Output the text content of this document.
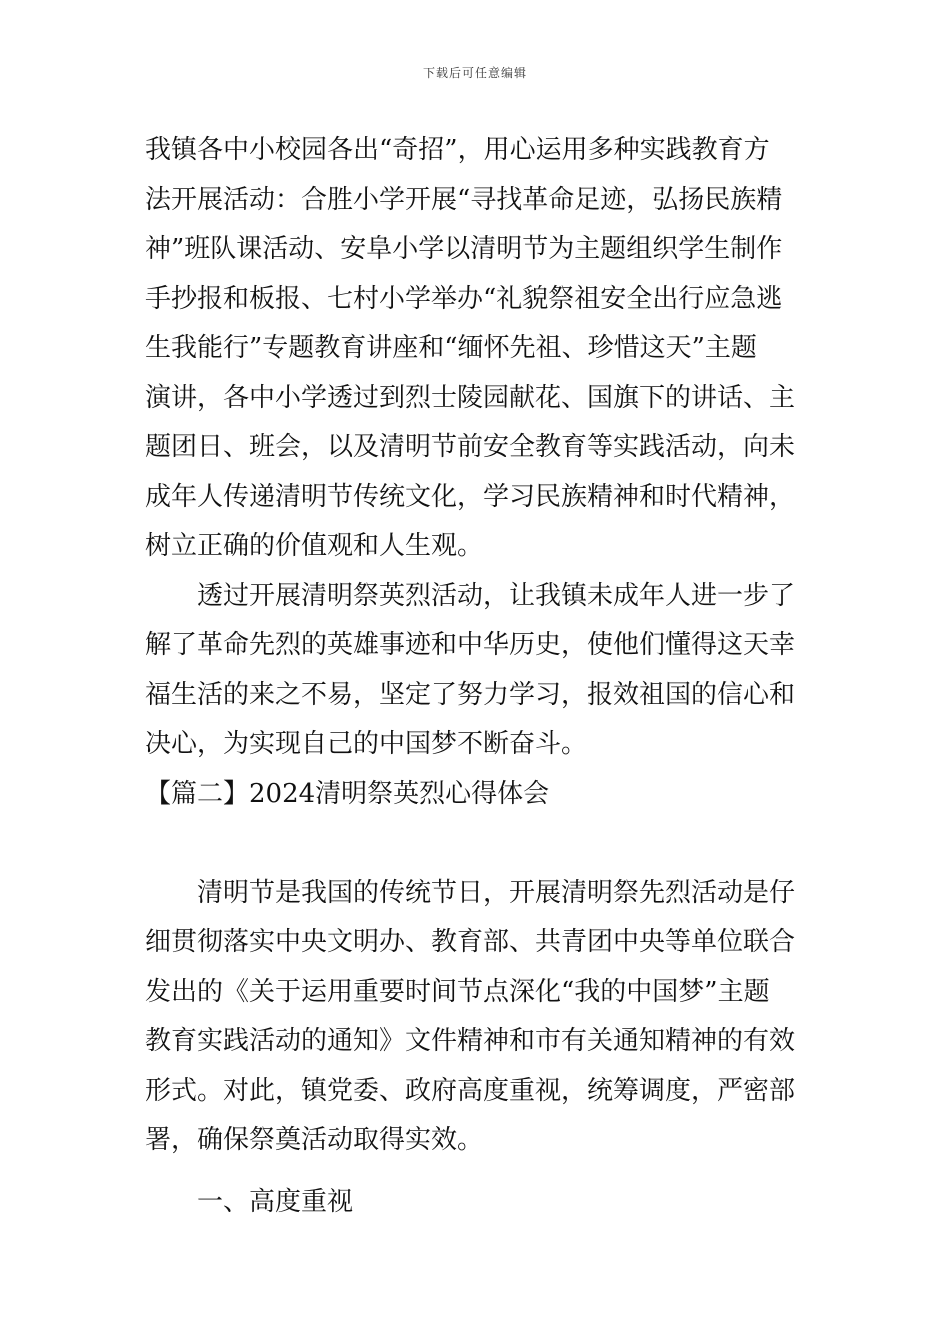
下载后可任意编辑
我镇各中小校园各出“奇招”，用心运用多种实践教育方
法开展活动：合胜小学开展“寻找革命足迹，弘扬民族精
神”班队课活动、安阜小学以清明节为主题组织学生制作
手抄报和板报、七村小学举办“礼貌祭祖安全出行应急逃
生我能行”专题教育讲座和“缅怀先祖、珍惜这天”主题
演讲，各中小学透过到烈士陵园献花、国旗下的讲话、主
题团日、班会，以及清明节前安全教育等实践活动，向未
成年人传递清明节传统文化，学习民族精神和时代精神，
树立正确的价值观和人生观。
透过开展清明祭英烈活动，让我镇未成年人进一步了
解了革命先烈的英雄事迹和中华历史，使他们懂得这天幸
福生活的来之不易，坚定了努力学习，报效祖国的信心和
决心，为实现自己的中国梦不断奋斗。
【篇二】2024清明祭英烈心得体会
清明节是我国的传统节日，开展清明祭先烈活动是仔
细贯彻落实中央文明办、教育部、共青团中央等单位联合
发出的《关于运用重要时间节点深化“我的中国梦”主题
教育实践活动的通知》文件精神和市有关通知精神的有效
形式。对此，镇党委、政府高度重视，统筹调度，严密部
署，确保祭奠活动取得实效。
一、高度重视
